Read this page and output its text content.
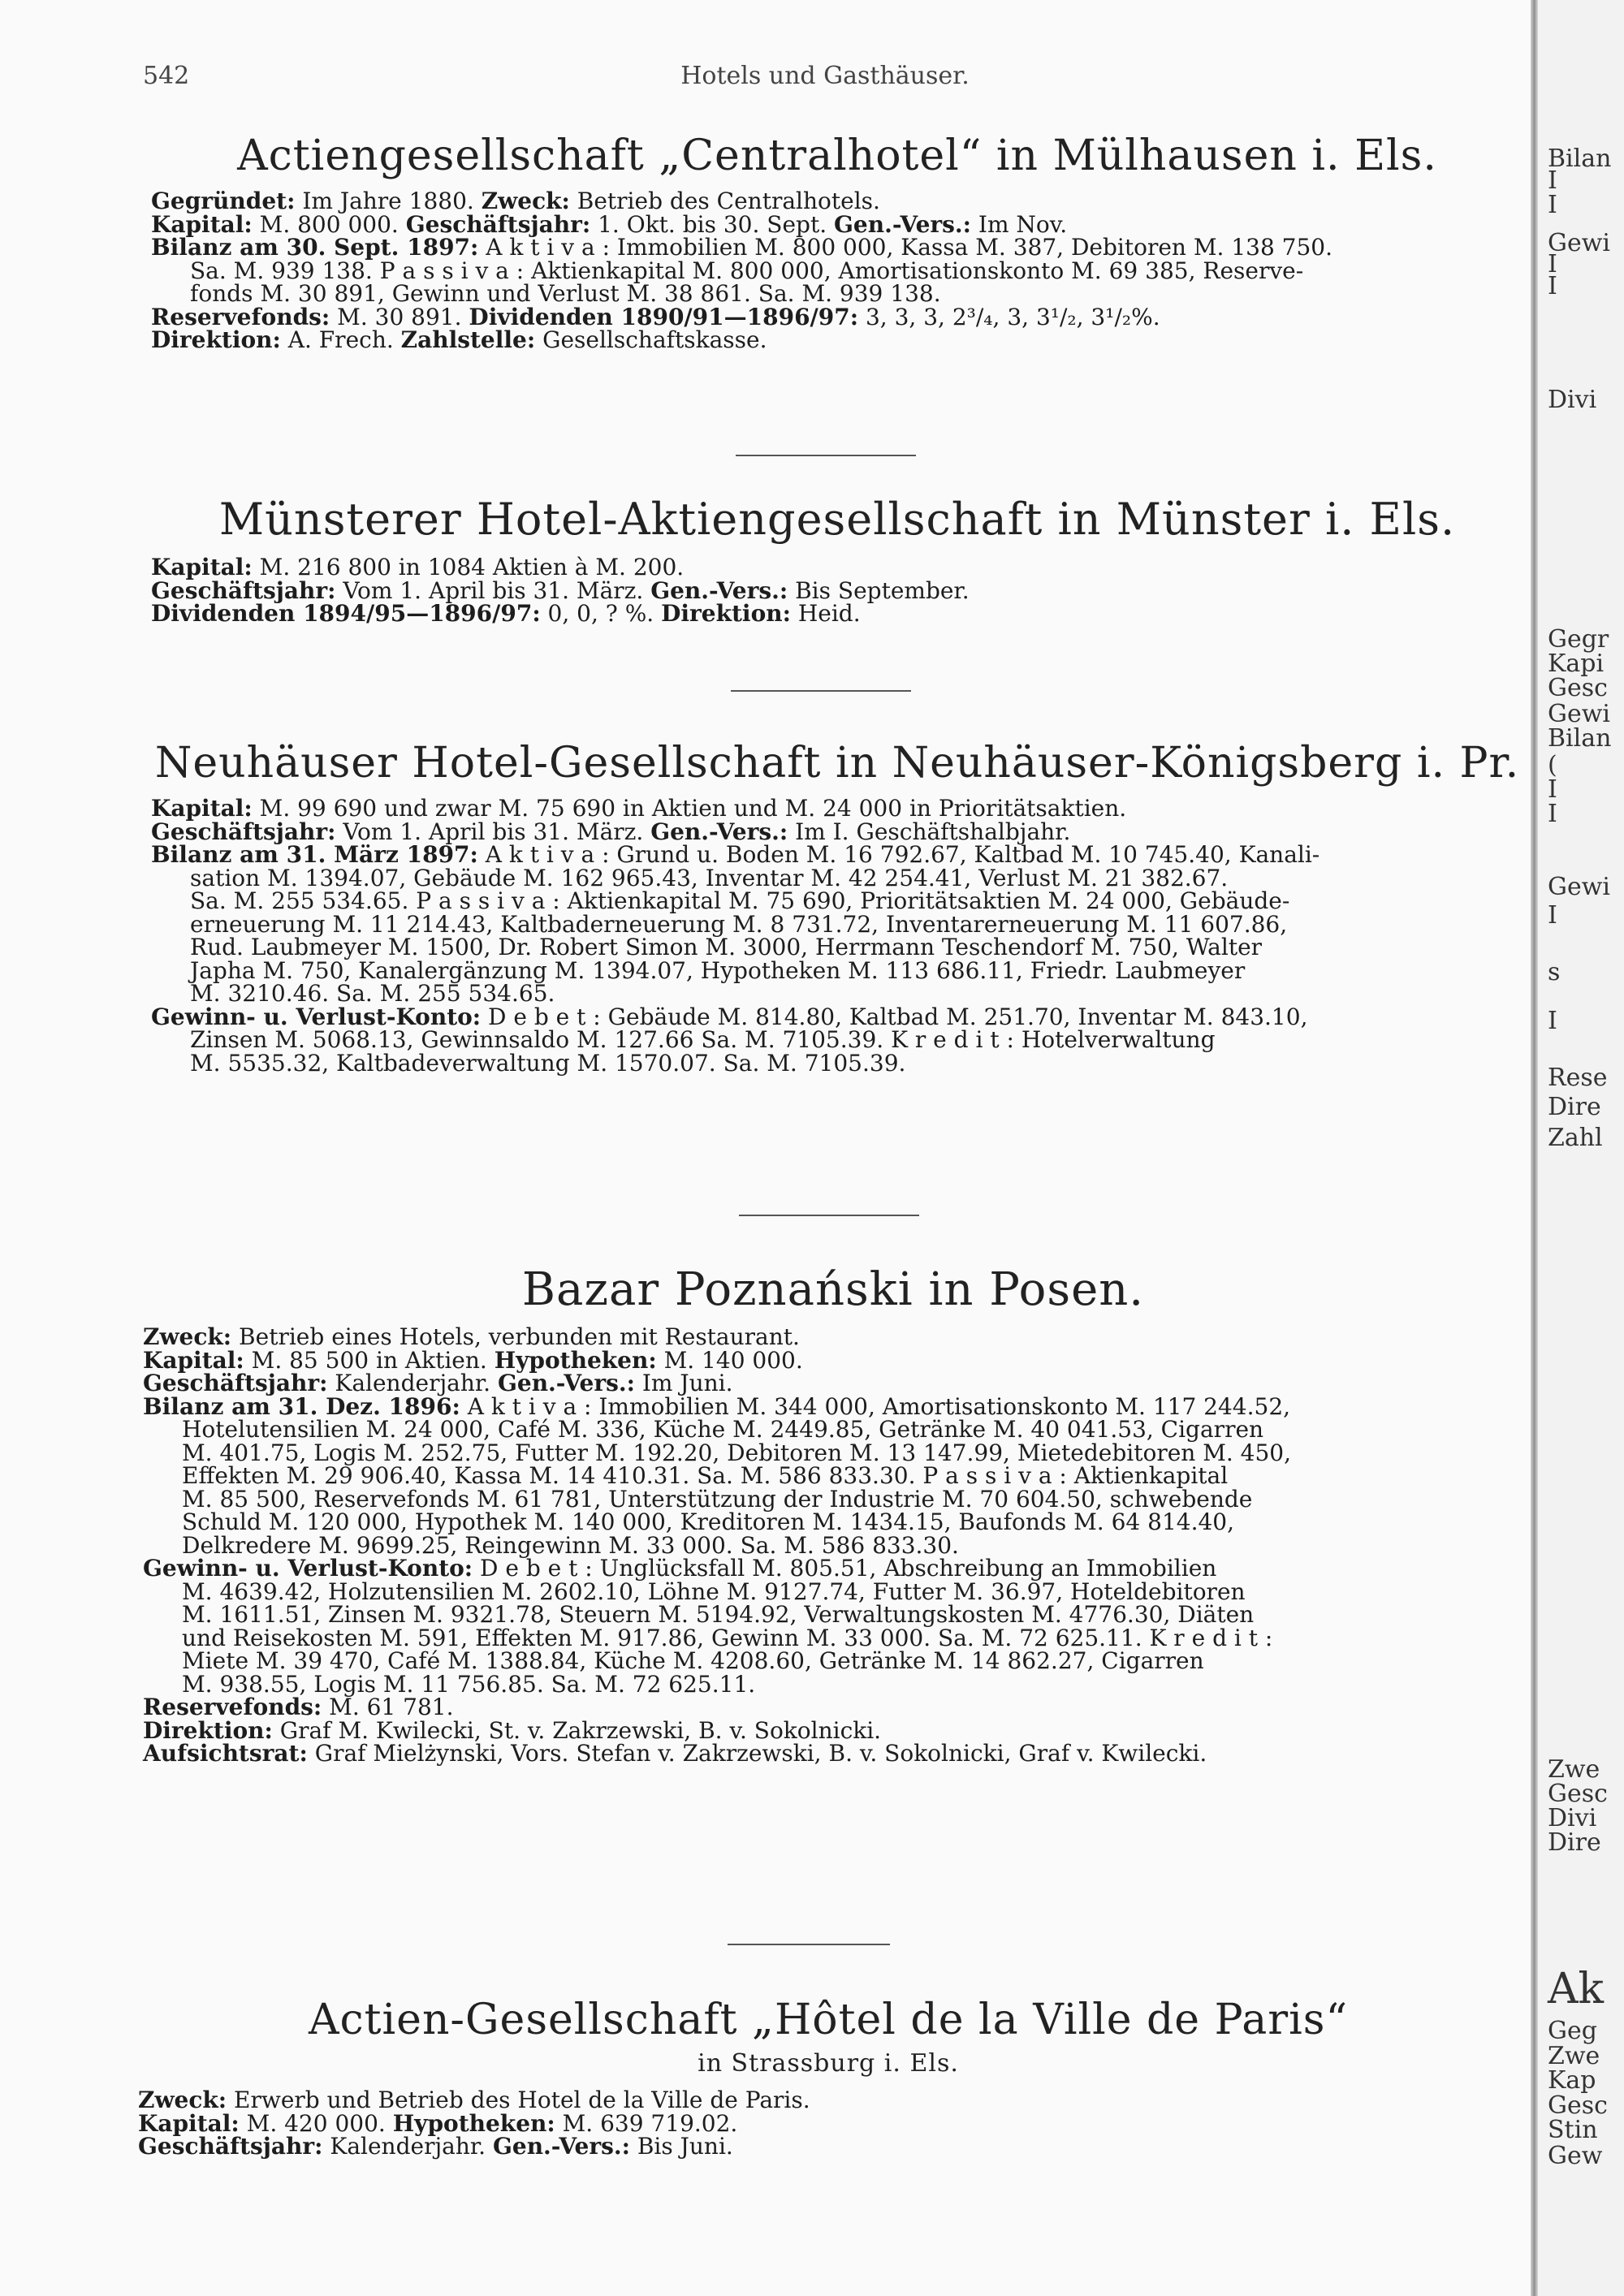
542	Hotels und Gasthäuser.
Actiengesellschaft „Centralhotel“ in Mülhausen i. Els.
Gegründet: Im Jahre 1880. Zweck: Betrieb des Centralhotels.
Kapital: M. 800 000. Geschäftsjahr: 1. Okt. bis 30. Sept. Gen.-Vers.: Im Nov.
Bilanz am 30. Sept. 1897: A k t i v a : Immobilien M. 800 000, Kassa M. 387, Debitoren M. 138 750.
Sa. M. 939 138. P a s s i v a : Aktienkapital M. 800 000, Amortisationskonto M. 69 385, Reserve-
fonds M. 30 891, Gewinn und Verlust M. 38 861. Sa. M. 939 138.
Reservefonds: M. 30 891. Dividenden 1890/91—1896/97: 3, 3, 3, 2³/₄, 3, 3¹/₂, 3¹/₂%.
Direktion: A. Frech. Zahlstelle: Gesellschaftskasse.
Münsterer Hotel-Aktiengesellschaft in Münster i. Els.
Kapital: M. 216 800 in 1084 Aktien à M. 200.
Geschäftsjahr: Vom 1. April bis 31. März. Gen.-Vers.: Bis September.
Dividenden 1894/95—1896/97: 0, 0, ? %. Direktion: Heid.
Neuhäuser Hotel-Gesellschaft in Neuhäuser-Königsberg i. Pr.
Kapital: M. 99 690 und zwar M. 75 690 in Aktien und M. 24 000 in Prioritätsaktien.
Geschäftsjahr: Vom 1. April bis 31. März. Gen.-Vers.: Im I. Geschäftshalbjahr.
Bilanz am 31. März 1897: A k t i v a : Grund u. Boden M. 16 792.67, Kaltbad M. 10 745.40, Kanali-
sation M. 1394.07, Gebäude M. 162 965.43, Inventar M. 42 254.41, Verlust M. 21 382.67.
Sa. M. 255 534.65. P a s s i v a : Aktienkapital M. 75 690, Prioritätsaktien M. 24 000, Gebäude-
erneuerung M. 11 214.43, Kaltbaderneuerung M. 8 731.72, Inventarerneuerung M. 11 607.86,
Rud. Laubmeyer M. 1500, Dr. Robert Simon M. 3000, Herrmann Teschendorf M. 750, Walter
Japha M. 750, Kanalergänzung M. 1394.07, Hypotheken M. 113 686.11, Friedr. Laubmeyer
M. 3210.46. Sa. M. 255 534.65.
Gewinn- u. Verlust-Konto: D e b e t : Gebäude M. 814.80, Kaltbad M. 251.70, Inventar M. 843.10,
Zinsen M. 5068.13, Gewinnsaldo M. 127.66 Sa. M. 7105.39. K r e d i t : Hotelverwaltung
M. 5535.32, Kaltbadeverwaltung M. 1570.07. Sa. M. 7105.39.
Bazar Poznański in Posen.
Zweck: Betrieb eines Hotels, verbunden mit Restaurant.
Kapital: M. 85 500 in Aktien. Hypotheken: M. 140 000.
Geschäftsjahr: Kalenderjahr. Gen.-Vers.: Im Juni.
Bilanz am 31. Dez. 1896: A k t i v a : Immobilien M. 344 000, Amortisationskonto M. 117 244.52,
Hotelutensilien M. 24 000, Café M. 336, Küche M. 2449.85, Getränke M. 40 041.53, Cigarren
M. 401.75, Logis M. 252.75, Futter M. 192.20, Debitoren M. 13 147.99, Mietedebitoren M. 450,
Effekten M. 29 906.40, Kassa M. 14 410.31. Sa. M. 586 833.30. P a s s i v a : Aktienkapital
M. 85 500, Reservefonds M. 61 781, Unterstützung der Industrie M. 70 604.50, schwebende
Schuld M. 120 000, Hypothek M. 140 000, Kreditoren M. 1434.15, Baufonds M. 64 814.40,
Delkredere M. 9699.25, Reingewinn M. 33 000. Sa. M. 586 833.30.
Gewinn- u. Verlust-Konto: D e b e t : Unglücksfall M. 805.51, Abschreibung an Immobilien
M. 4639.42, Holzutensilien M. 2602.10, Löhne M. 9127.74, Futter M. 36.97, Hoteldebitoren
M. 1611.51, Zinsen M. 9321.78, Steuern M. 5194.92, Verwaltungskosten M. 4776.30, Diäten
und Reisekosten M. 591, Effekten M. 917.86, Gewinn M. 33 000. Sa. M. 72 625.11. K r e d i t :
Miete M. 39 470, Café M. 1388.84, Küche M. 4208.60, Getränke M. 14 862.27, Cigarren
M. 938.55, Logis M. 11 756.85. Sa. M. 72 625.11.
Reservefonds: M. 61 781.
Direktion: Graf M. Kwilecki, St. v. Zakrzewski, B. v. Sokolnicki.
Aufsichtsrat: Graf Mielżynski, Vors. Stefan v. Zakrzewski, B. v. Sokolnicki, Graf v. Kwilecki.
Actien-Gesellschaft „Hôtel de la Ville de Paris“
in Strassburg i. Els.
Zweck: Erwerb und Betrieb des Hotel de la Ville de Paris.
Kapital: M. 420 000. Hypotheken: M. 639 719.02.
Geschäftsjahr: Kalenderjahr. Gen.-Vers.: Bis Juni.
Bilan
I
I
Gewi
I
I
Divi
Gegr
Kapi
Gesc
Gewi
Bilan
(
I
I
Gewi
I
s
I
Rese
Dire
Zahl
Zwe
Gesc
Divi
Dire
Ak
Geg
Zwe
Kap
Gesc
Stin
Gew
